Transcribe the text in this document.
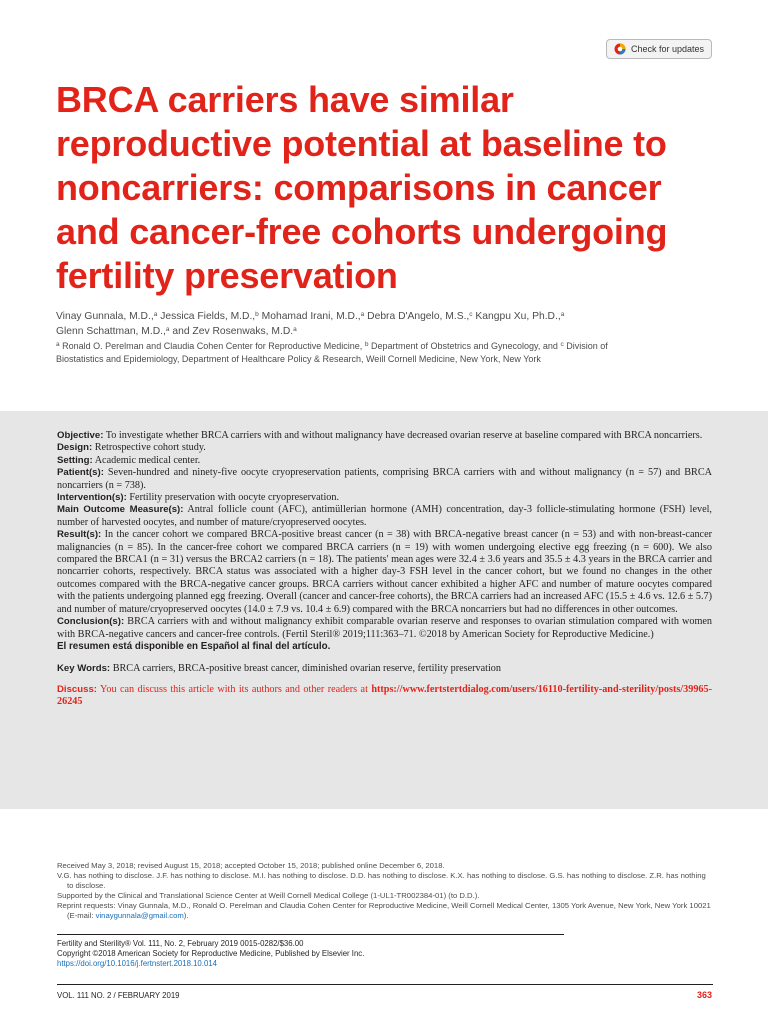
Check for updates
BRCA carriers have similar
reproductive potential at baseline to
noncarriers: comparisons in cancer
and cancer-free cohorts undergoing
fertility preservation
Vinay Gunnala, M.D.,$^a$ Jessica Fields, M.D.,$^b$ Mohamad Irani, M.D.,$^a$ Debra D'Angelo, M.S.,$^c$ Kangpu Xu, Ph.D.,$^a$
Glenn Schattman, M.D.,$^a$ and Zev Rosenwaks, M.D.$^a$
$^a$ Ronald O. Perelman and Claudia Cohen Center for Reproductive Medicine, $^b$ Department of Obstetrics and Gynecology, and $^c$ Division of Biostatistics and Epidemiology, Department of Healthcare Policy & Research, Weill Cornell Medicine, New York, New York

Objective: To investigate whether BRCA carriers with and without malignancy have decreased ovarian reserve at baseline compared with BRCA noncarriers.

Design: Retrospective cohort study.

Setting: Academic medical center.

Patient(s): Seven-hundred and ninety-five oocyte cryopreservation patients, comprising BRCA carriers with and without malignancy (n = 57) and BRCA noncarriers (n = 738).

Intervention(s): Fertility preservation with oocyte cryopreservation.

Main Outcome Measure(s): Antral follicle count (AFC), antimüllerian hormone (AMH) concentration, day-3 follicle-stimulating hormone (FSH) level, number of harvested oocytes, and number of mature/cryopreserved oocytes.

Result(s): In the cancer cohort we compared BRCA-positive breast cancer (n = 38) with BRCA-negative breast cancer (n = 53) and with non-breast-cancer malignancies (n = 85). In the cancer-free cohort we compared BRCA carriers (n = 19) with women undergoing elective egg freezing (n = 600). We also compared the BRCA1 (n = 31) versus the BRCA2 carriers (n = 18). The patients' mean ages were 32.4 ± 3.6 years and 35.5 ± 4.3 years in the BRCA carrier and noncarrier cohorts, respectively. BRCA status was associated with a higher day-3 FSH level in the cancer cohort, but we found no changes in the other outcomes compared with the BRCA-negative cancer groups. BRCA carriers without cancer exhibited a higher AFC and number of mature oocytes compared with the patients undergoing planned egg freezing. Overall (cancer and cancer-free cohorts), the BRCA carriers had an increased AFC (15.5 ± 4.6 vs. 12.6 ± 5.7) and number of mature/cryopreserved oocytes (14.0 ± 7.9 vs. 10.4 ± 6.9) compared with the BRCA noncarriers but had no differences in other outcomes.

Conclusion(s): BRCA carriers with and without malignancy exhibit comparable ovarian reserve and responses to ovarian stimulation compared with women with BRCA-negative cancers and cancer-free controls. (Fertil Steril® 2019;111:363–71. ©2018 by American Society for Reproductive Medicine.)

El resumen está disponible en Español al final del artículo.

Key Words: BRCA carriers, BRCA-positive breast cancer, diminished ovarian reserve, fertility preservation

Discuss: You can discuss this article with its authors and other readers at https://www.fertstertdialog.com/users/16110-fertility-and-sterility/posts/39965-26245

Received May 3, 2018; revised August 15, 2018; accepted October 15, 2018; published online December 6, 2018.

V.G. has nothing to disclose. J.F. has nothing to disclose. M.I. has nothing to disclose. D.D. has nothing to disclose. K.X. has nothing to disclose. G.S. has nothing to disclose. Z.R. has nothing to disclose.

Supported by the Clinical and Translational Science Center at Weill Cornell Medical College (1-UL1-TR002384-01) (to D.D.).

Reprint requests: Vinay Gunnala, M.D., Ronald O. Perelman and Claudia Cohen Center for Reproductive Medicine, Weill Cornell Medical Center, 1305 York Avenue, New York, New York 10021 (E-mail: vinaygunnala@gmail.com).

Fertility and Sterility® Vol. 111, No. 2, February 2019 0015-0282/$36.00

Copyright ©2018 American Society for Reproductive Medicine, Published by Elsevier Inc.

https://doi.org/10.1016/j.fertnstert.2018.10.014

VOL. 111 NO. 2 / FEBRUARY 2019	363
